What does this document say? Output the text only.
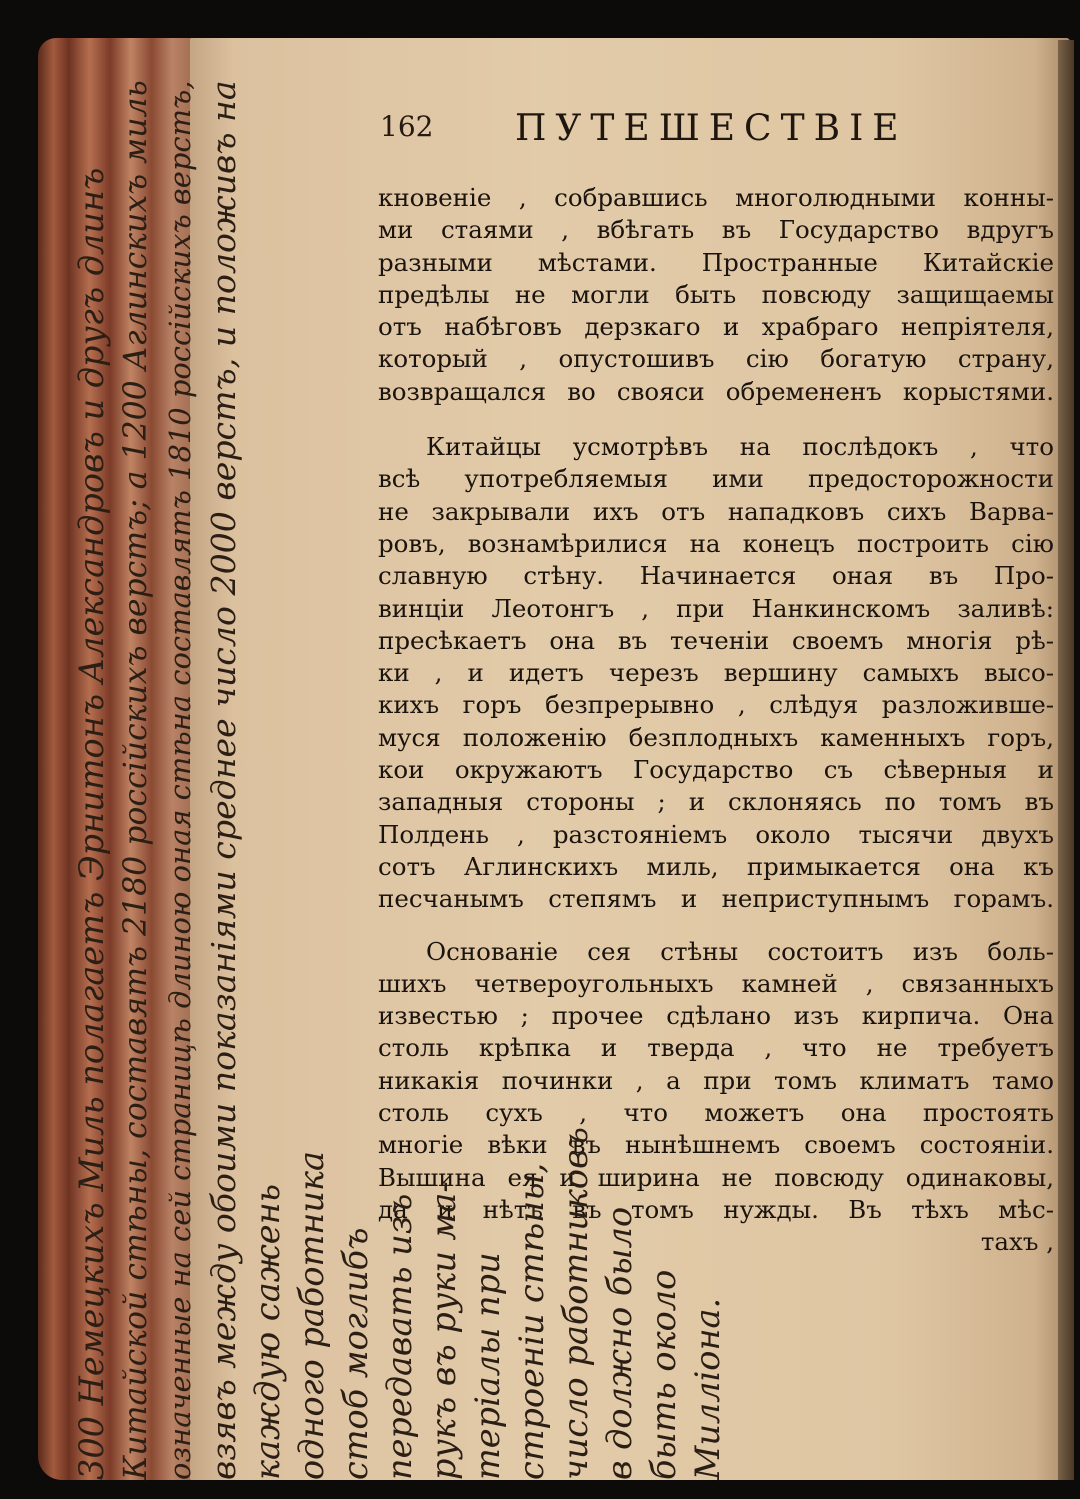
162 ПУТЕШЕСТВІЕ
кновеніе , собравшись многолюдными конны-
ми стаями , вбѣгать въ Государство вдругъ
разными мѣстами. Пространные Китайскіе
предѣлы не могли быть повсюду защищаемы
отъ набѣговъ дерзкаго и храбраго непріятеля,
который , опустошивъ сію богатую страну,
возвращался во свояси обремененъ корыстями.
Китайцы усмотрѣвъ на послѣдокъ , что
всѣ употребляемыя ими предосторожности
не закрывали ихъ отъ нападковъ сихъ Варва-
ровъ, вознамѣрилися на конецъ построить сію
славную стѣну. Начинается оная въ Про-
винціи Леотонгъ , при Нанкинскомъ заливѣ:
пресѣкаетъ она въ теченіи своемъ многія рѣ-
ки , и идетъ черезъ вершину самыхъ высо-
кихъ горъ безпрерывно , слѣдуя разложивше-
муся положенію безплодныхъ каменныхъ горъ,
кои окружаютъ Государство съ сѣверныя и
западныя стороны ; и склоняясь по томъ въ
Полдень , разстояніемъ около тысячи двухъ
сотъ Аглинскихъ миль, примыкается она къ
песчанымъ степямъ и неприступнымъ горамъ.
Основаніе сея стѣны состоитъ изъ боль-
шихъ четвероугольныхъ камней , связанныхъ
известью ; прочее сдѣлано изъ кирпича. Она
столь крѣпка и тверда , что не требуетъ
никакія починки , а при томъ климатъ тамо
столь сухъ , что можетъ она простоять
многіе вѣки въ нынѣшнемъ своемъ состояніи.
Вышина ея и ширина не повсюду одинаковы,
да и нѣтъ въ томъ нужды. Въ тѣхъ мѣс-
тахъ ,
300 Немецкихъ Миль полагаетъ Эрнитонъ Александровъ и другъ длинъ Китайской стѣны, составятъ 2180 россійскихъ верстъ; а 1200 Аглинскихъ миль означенные на сей страницѣ длиною оная стѣна составлятъ 1810 россійскихъ верстъ, взявъ между обоими показаніями среднее число 2000 верстъ, и положивъ на каждую сажень одного работника стоб моглибъ передавать изъ рукъ въ руки ма- теріалы при строеніи стѣны, число работниковъ в должно было быть около Милліона.
